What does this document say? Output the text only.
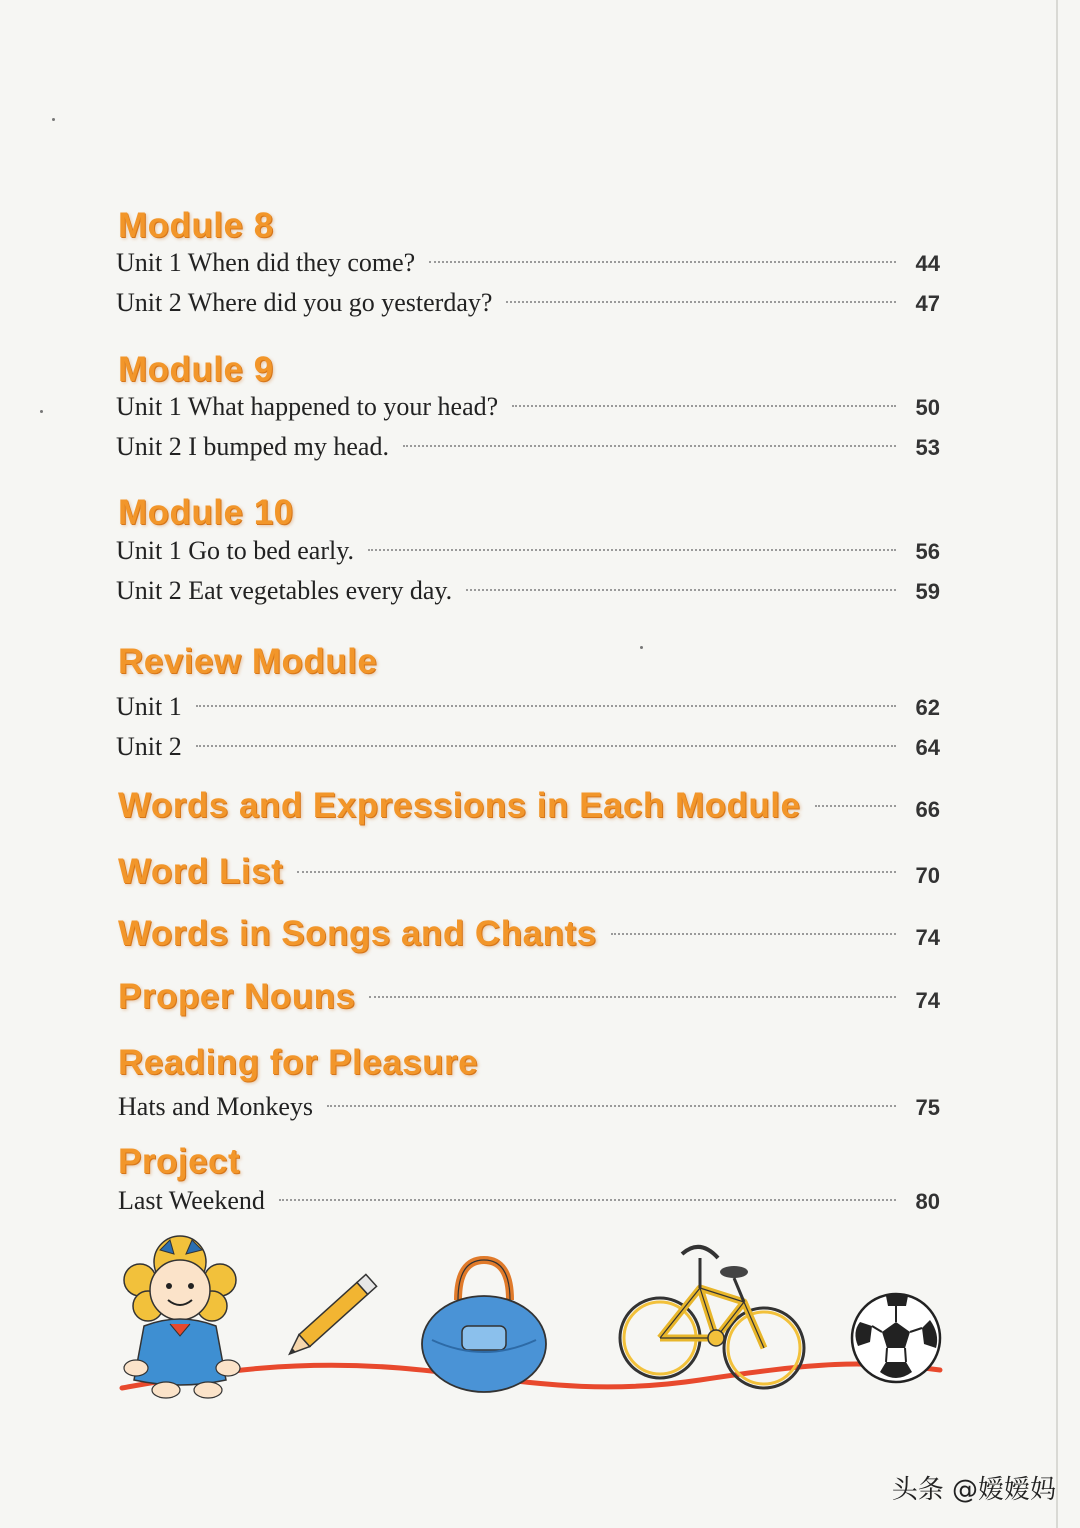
Module 8
Unit 1 When did they come?	44
Unit 2 Where did you go yesterday?	47
Module 9
Unit 1 What happened to your head?	50
Unit 2 I bumped my head.	53
Module 10
Unit 1 Go to bed early.	56
Unit 2 Eat vegetables every day.	59
Review Module
Unit 1	62
Unit 2	64
Words and Expressions in Each Module	66
Word List	70
Words in Songs and Chants	74
Proper Nouns	74
Reading for Pleasure
Hats and Monkeys	75
Project
Last Weekend	80
头条 @嫒嫒妈
